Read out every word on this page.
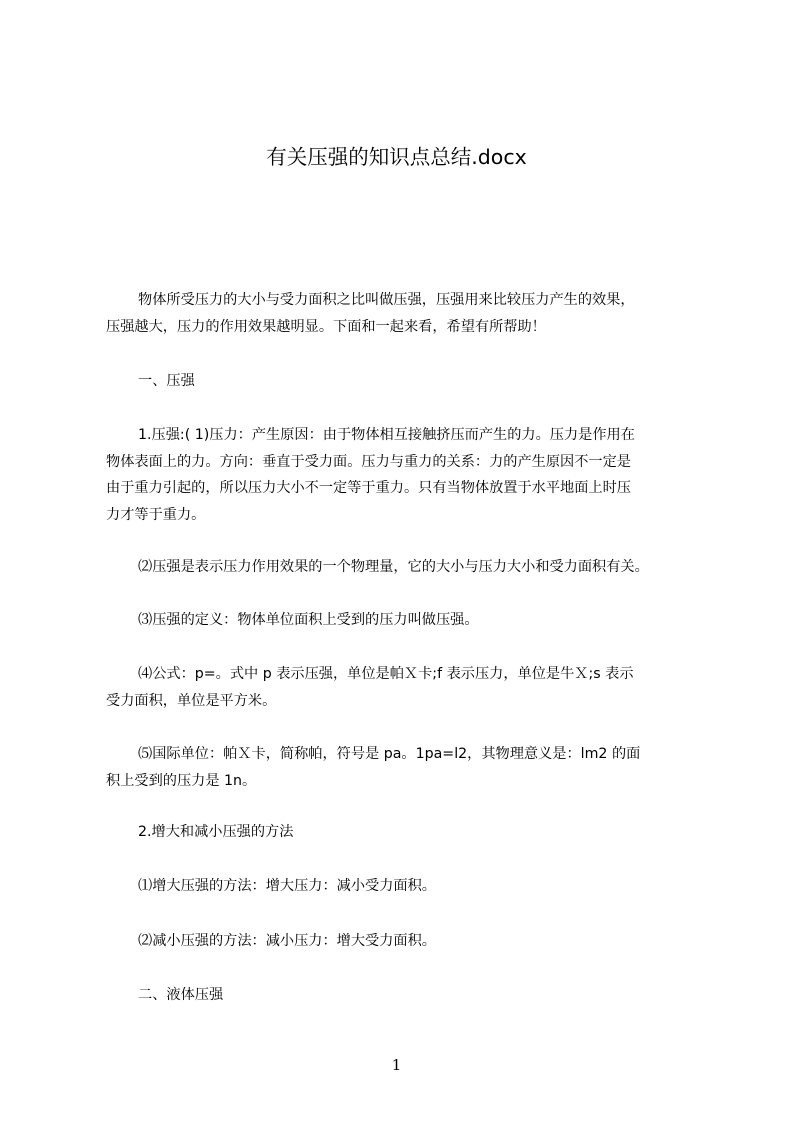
有关压强的知识点总结.docx
物体所受压力的大小与受力面积之比叫做压强，压强用来比较压力产生的效果，
压强越大，压力的作用效果越明显。下面和一起来看，希望有所帮助！
一、压强
1.压强:( 1)压力：产生原因：由于物体相互接触挤压而产生的力。压力是作用在
物体表面上的力。方向：垂直于受力面。压力与重力的关系：力的产生原因不一定是
由于重力引起的，所以压力大小不一定等于重力。只有当物体放置于水平地面上时压
力才等于重力。
⑵压强是表示压力作用效果的一个物理量，它的大小与压力大小和受力面积有关。
⑶压强的定义：物体单位面积上受到的压力叫做压强。
⑷公式：p=。式中 p 表示压强，单位是帕Ｘ卡;f 表示压力，单位是牛Ｘ;s 表示
受力面积，单位是平方米。
⑸国际单位：帕Ｘ卡，简称帕，符号是 pa。1pa=l2，其物理意义是：lm2 的面
积上受到的压力是 1n。
2.增大和减小压强的方法
⑴增大压强的方法：增大压力：减小受力面积。
⑵减小压强的方法：减小压力：增大受力面积。
二、液体压强
1
